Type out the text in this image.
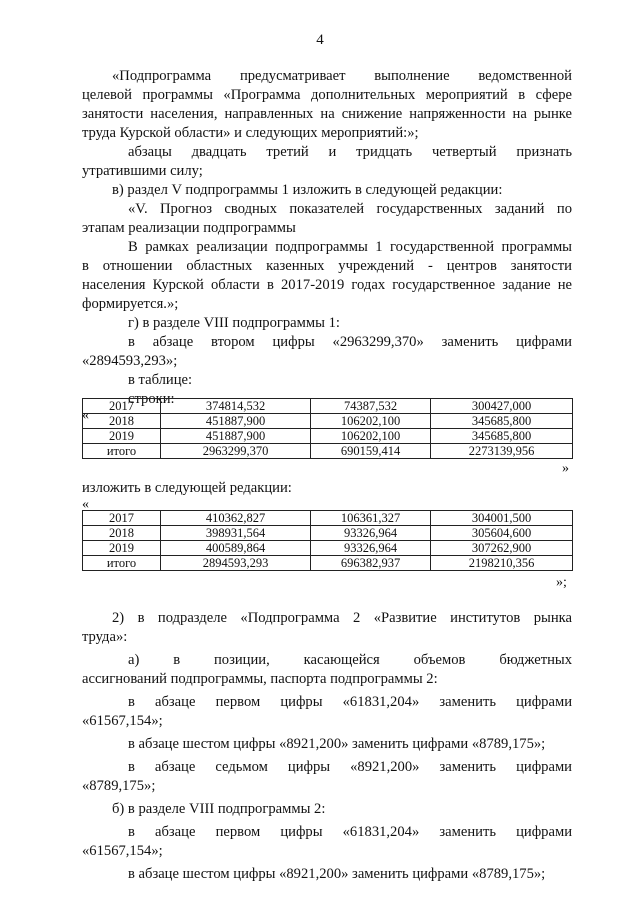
4
«Подпрограмма предусматривает выполнение ведомственной
целевой программы «Программа дополнительных мероприятий в сфере
занятости населения, направленных на снижение напряженности на рынке
труда Курской области» и следующих мероприятий:»;
абзацы двадцать третий и тридцать четвертый признать
утратившими силу;
в) раздел V подпрограммы 1 изложить в следующей редакции:
«V. Прогноз сводных показателей государственных заданий по
этапам реализации подпрограммы
В рамках реализации подпрограммы 1 государственной программы
в отношении областных казенных учреждений - центров занятости
населения Курской области в 2017-2019 годах государственное задание не
формируется.»;
г) в разделе VIII подпрограммы 1:
в абзаце втором цифры «2963299,370» заменить цифрами
«2894593,293»;
в таблице:
строки:
изложить в следующей редакции:
2) в подразделе «Подпрограмма 2 «Развитие институтов рынка
труда»:
а) в позиции, касающейся объемов бюджетных
ассигнований подпрограммы, паспорта подпрограммы 2:
в абзаце первом цифры «61831,204» заменить цифрами
«61567,154»;
в абзаце шестом цифры «8921,200» заменить цифрами «8789,175»;
в абзаце седьмом цифры «8921,200» заменить цифрами
«8789,175»;
б) в разделе VIII подпрограммы 2:
в абзаце первом цифры «61831,204» заменить цифрами
«61567,154»;
в абзаце шестом цифры «8921,200» заменить цифрами «8789,175»;
«
2017	374814,532	74387,532	300427,000
2018	451887,900	106202,100	345685,800
2019	451887,900	106202,100	345685,800
итого	2963299,370	690159,414	2273139,956
»
«
2017	410362,827	106361,327	304001,500
2018	398931,564	93326,964	305604,600
2019	400589,864	93326,964	307262,900
итого	2894593,293	696382,937	2198210,356
»;
